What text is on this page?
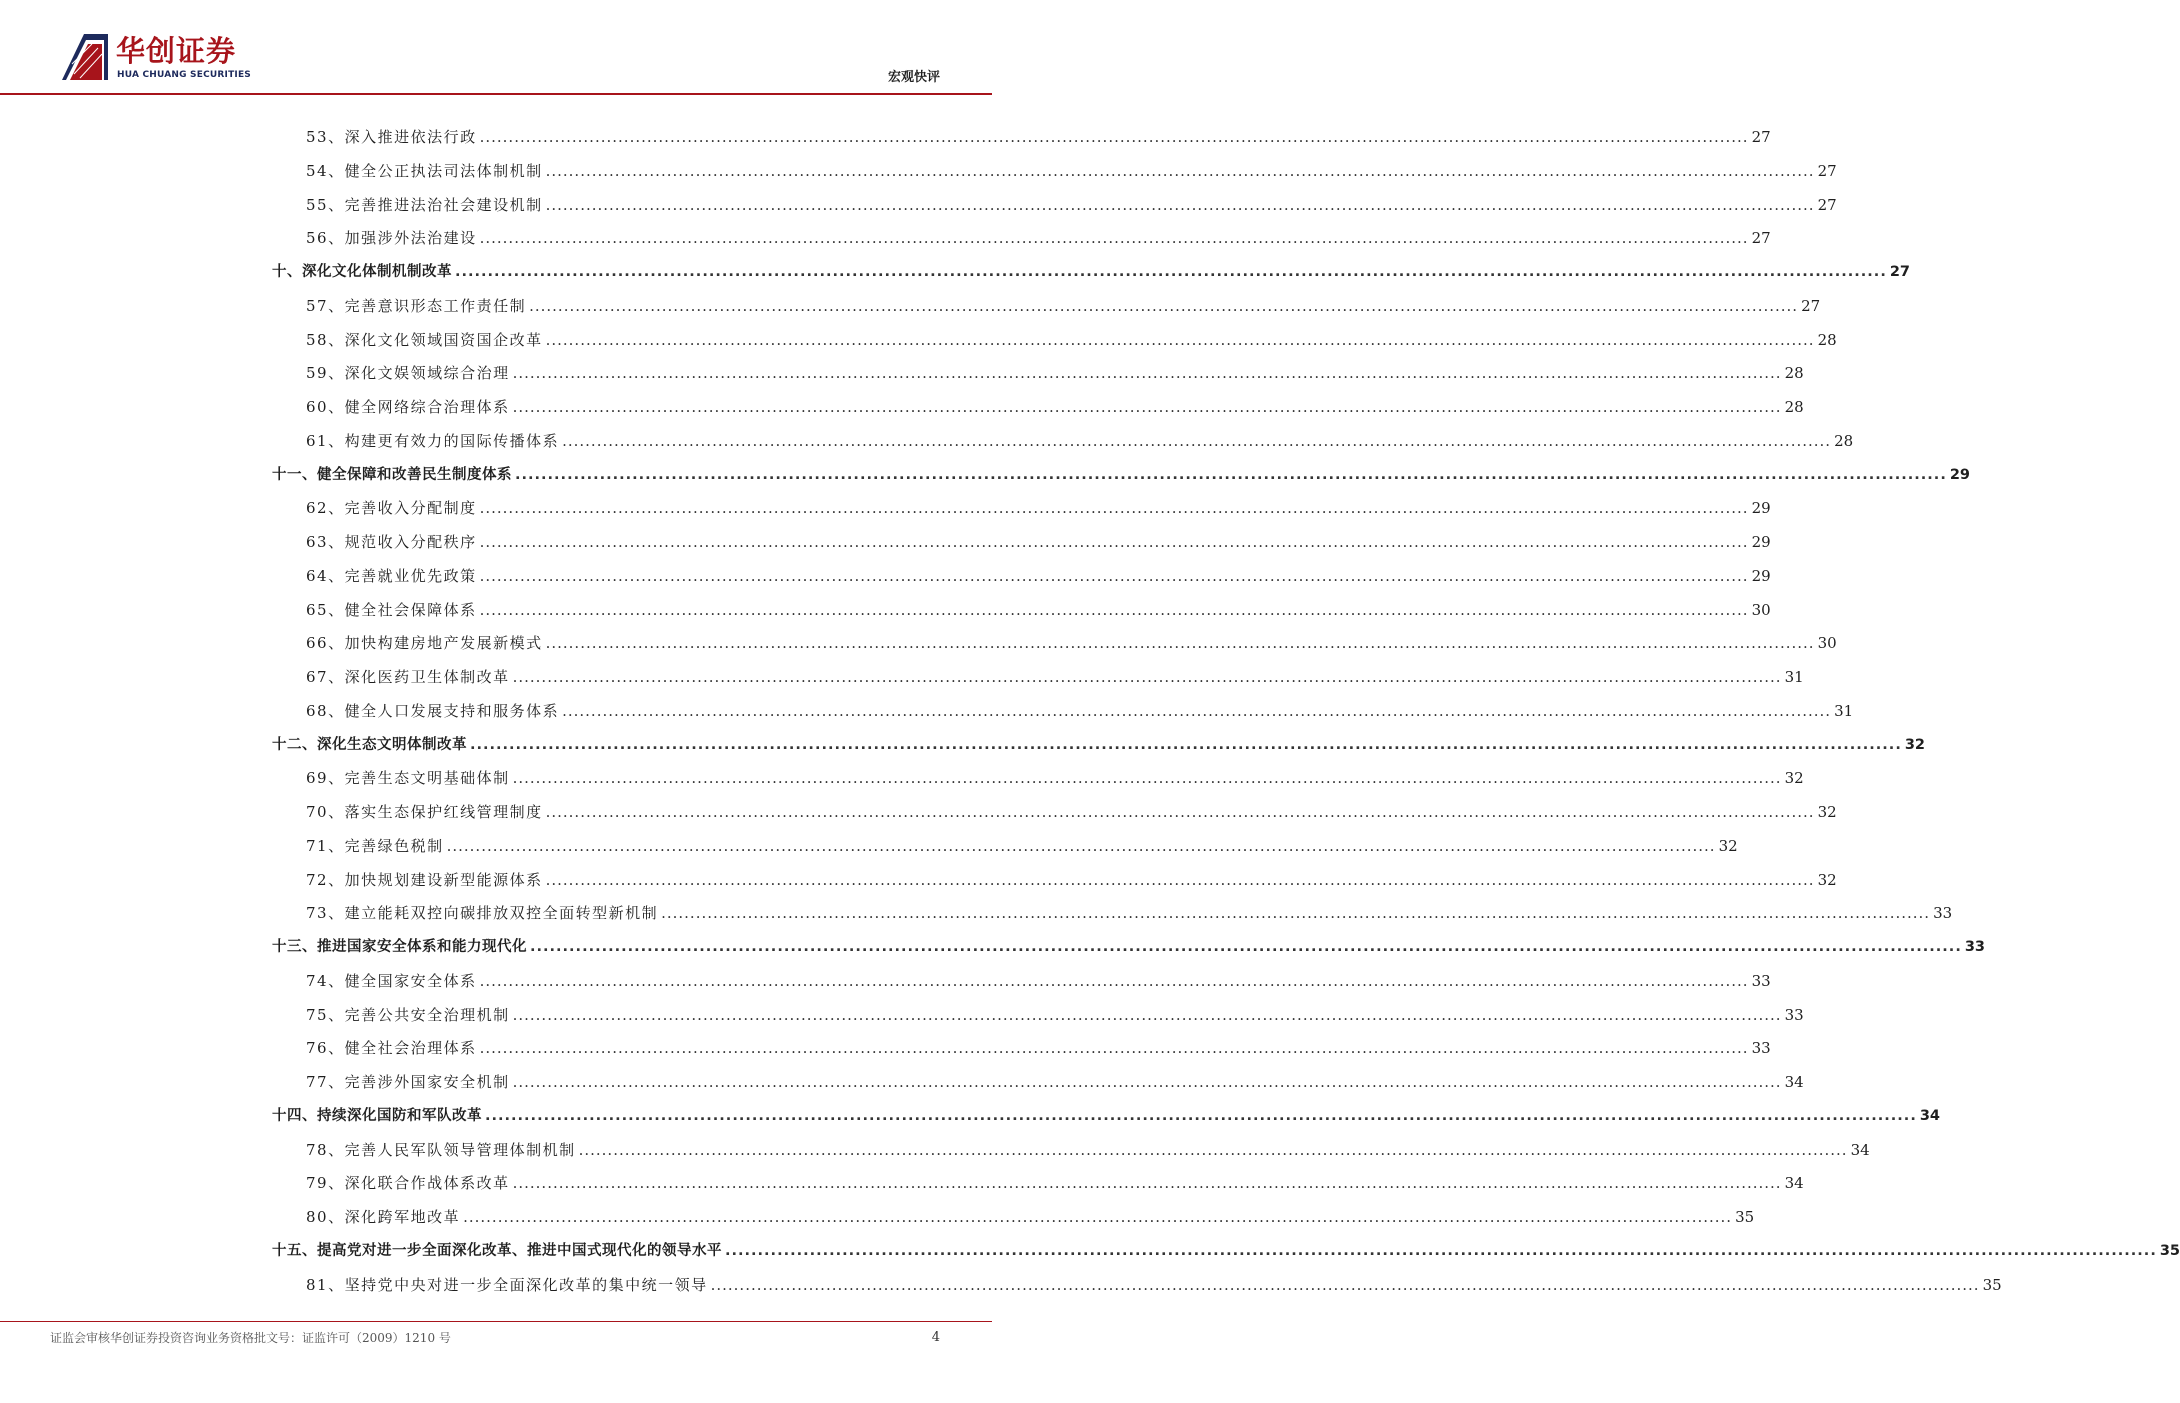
华创证券
HUA CHUANG SECURITIES	宏观快评
53、深入推进依法行政 ............................................................................................................................................................................................................................ 27
54、健全公正执法司法体制机制 ............................................................................................................................................................................................................................ 27
55、完善推进法治社会建设机制 ............................................................................................................................................................................................................................ 27
56、加强涉外法治建设 ............................................................................................................................................................................................................................ 27
十、深化文化体制机制改革 ............................................................................................................................................................................................................................ 27
57、完善意识形态工作责任制 ............................................................................................................................................................................................................................ 27
58、深化文化领域国资国企改革 ............................................................................................................................................................................................................................ 28
59、深化文娱领域综合治理 ............................................................................................................................................................................................................................ 28
60、健全网络综合治理体系 ............................................................................................................................................................................................................................ 28
61、构建更有效力的国际传播体系 ............................................................................................................................................................................................................................ 28
十一、健全保障和改善民生制度体系 ............................................................................................................................................................................................................................ 29
62、完善收入分配制度 ............................................................................................................................................................................................................................ 29
63、规范收入分配秩序 ............................................................................................................................................................................................................................ 29
64、完善就业优先政策 ............................................................................................................................................................................................................................ 29
65、健全社会保障体系 ............................................................................................................................................................................................................................ 30
66、加快构建房地产发展新模式 ............................................................................................................................................................................................................................ 30
67、深化医药卫生体制改革 ............................................................................................................................................................................................................................ 31
68、健全人口发展支持和服务体系 ............................................................................................................................................................................................................................ 31
十二、深化生态文明体制改革 ............................................................................................................................................................................................................................ 32
69、完善生态文明基础体制 ............................................................................................................................................................................................................................ 32
70、落实生态保护红线管理制度 ............................................................................................................................................................................................................................ 32
71、完善绿色税制 ............................................................................................................................................................................................................................ 32
72、加快规划建设新型能源体系 ............................................................................................................................................................................................................................ 32
73、建立能耗双控向碳排放双控全面转型新机制 ............................................................................................................................................................................................................................ 33
十三、推进国家安全体系和能力现代化 ............................................................................................................................................................................................................................ 33
74、健全国家安全体系 ............................................................................................................................................................................................................................ 33
75、完善公共安全治理机制 ............................................................................................................................................................................................................................ 33
76、健全社会治理体系 ............................................................................................................................................................................................................................ 33
77、完善涉外国家安全机制 ............................................................................................................................................................................................................................ 34
十四、持续深化国防和军队改革 ............................................................................................................................................................................................................................ 34
78、完善人民军队领导管理体制机制 ............................................................................................................................................................................................................................ 34
79、深化联合作战体系改革 ............................................................................................................................................................................................................................ 34
80、深化跨军地改革 ............................................................................................................................................................................................................................ 35
十五、提高党对进一步全面深化改革、推进中国式现代化的领导水平 ............................................................................................................................................................................................................................ 35
81、坚持党中央对进一步全面深化改革的集中统一领导 ............................................................................................................................................................................................................................ 35
证监会审核华创证券投资咨询业务资格批文号：证监许可（2009）1210 号	4
